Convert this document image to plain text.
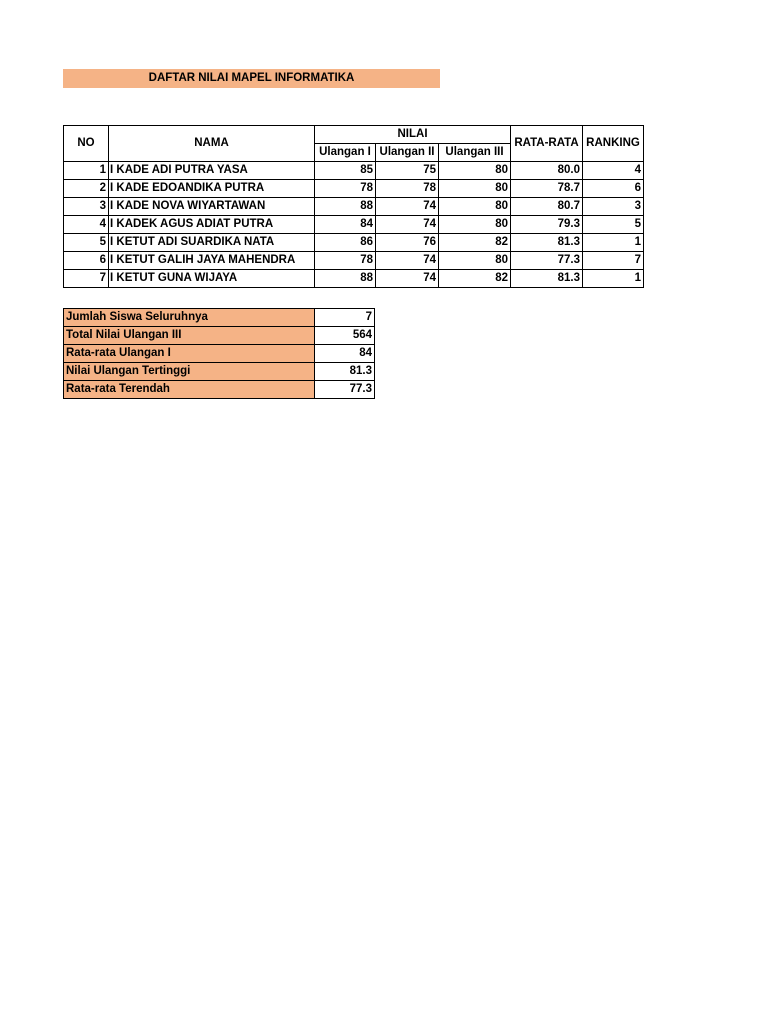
DAFTAR NILAI MAPEL INFORMATIKA
NO	NAMA	NILAI			RATA-RATA	RANKING
		Ulangan I	Ulangan II	Ulangan III		
1	I KADE ADI PUTRA YASA	85	75	80	80.0	4
2	I KADE EDOANDIKA PUTRA	78	78	80	78.7	6
3	I KADE NOVA WIYARTAWAN	88	74	80	80.7	3
4	I KADEK AGUS ADIAT PUTRA	84	74	80	79.3	5
5	I KETUT ADI SUARDIKA NATA	86	76	82	81.3	1
6	I KETUT GALIH JAYA MAHENDRA	78	74	80	77.3	7
7	I KETUT GUNA WIJAYA	88	74	82	81.3	1
Jumlah Siswa Seluruhnya	7
Total Nilai Ulangan III	564
Rata-rata Ulangan I	84
Nilai Ulangan Tertinggi	81.3
Rata-rata Terendah	77.3
